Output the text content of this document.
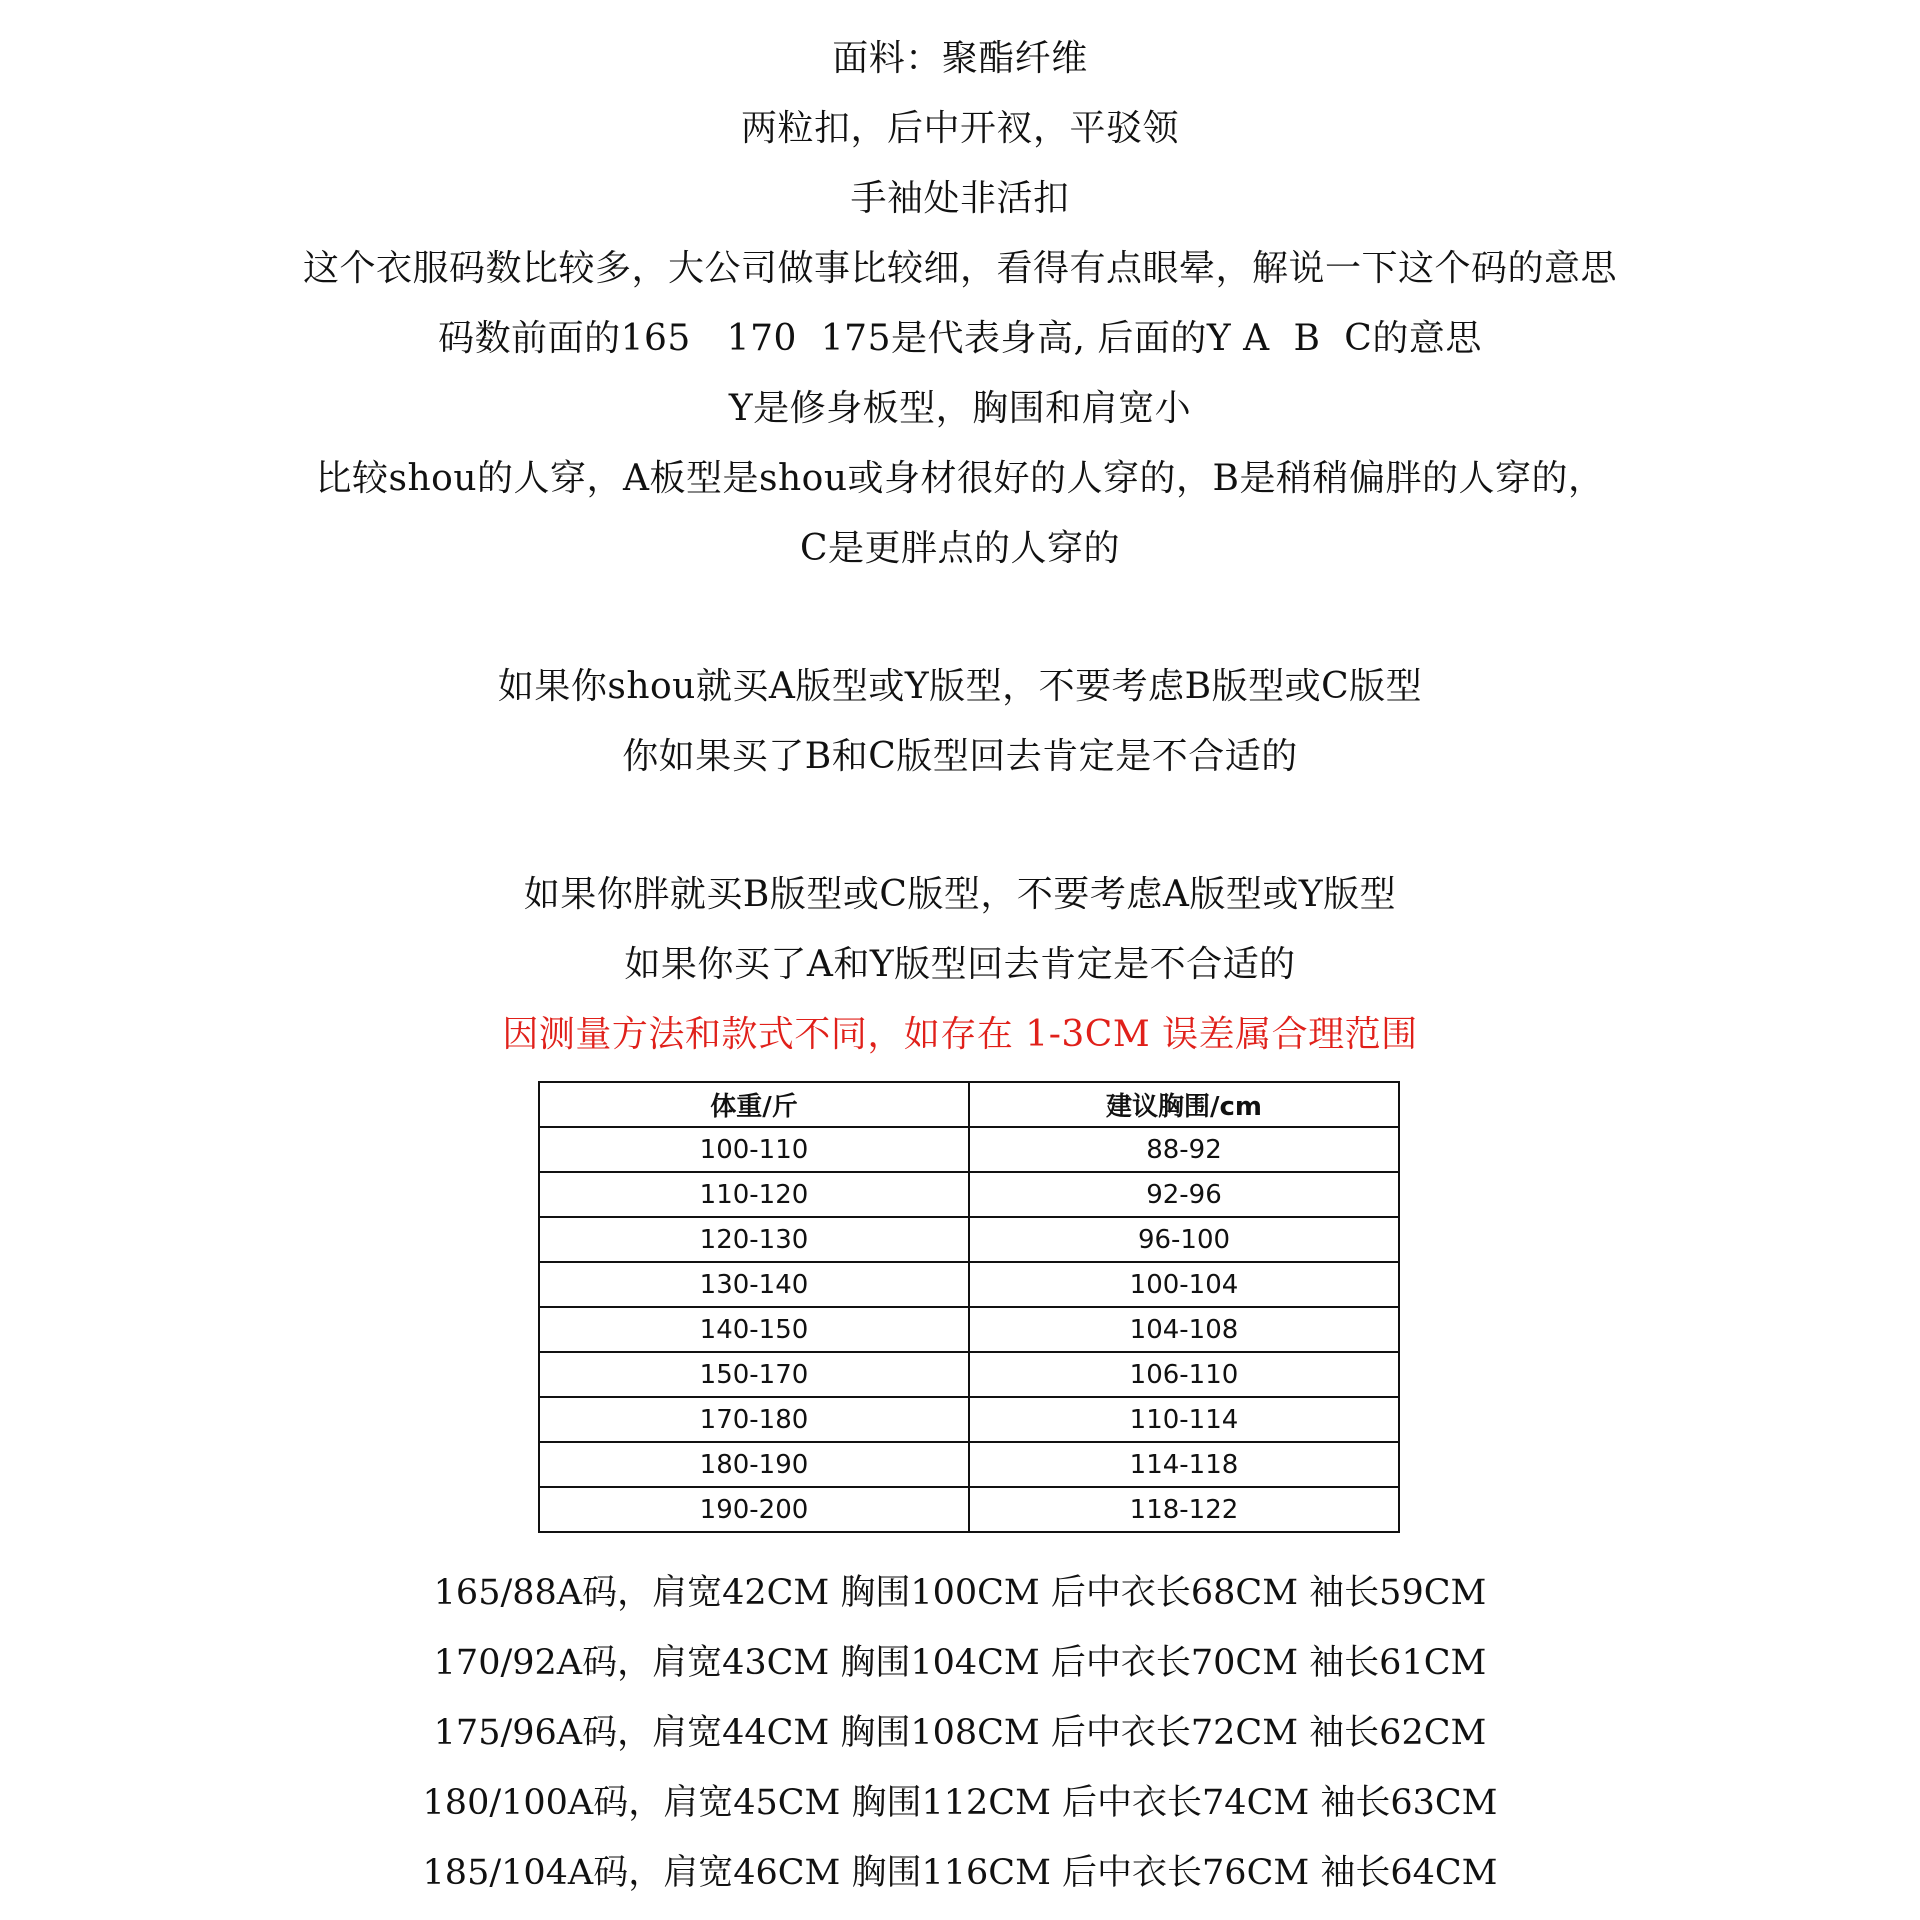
面料：聚酯纤维
两粒扣，后中开衩，平驳领
手袖处非活扣
这个衣服码数比较多，大公司做事比较细，看得有点眼晕，解说一下这个码的意思
码数前面的165   170  175是代表身高, 后面的Y A  B  C的意思
Y是修身板型，胸围和肩宽小
比较shou的人穿，A板型是shou或身材很好的人穿的，B是稍稍偏胖的人穿的，
C是更胖点的人穿的
如果你shou就买A版型或Y版型，不要考虑B版型或C版型
你如果买了B和C版型回去肯定是不合适的
如果你胖就买B版型或C版型，不要考虑A版型或Y版型
如果你买了A和Y版型回去肯定是不合适的
因测量方法和款式不同，如存在 1-3CM 误差属合理范围
体重/斤	建议胸围/cm
100-110	88-92
110-120	92-96
120-130	96-100
130-140	100-104
140-150	104-108
150-170	106-110
170-180	110-114
180-190	114-118
190-200	118-122
165/88A码，肩宽42CM 胸围100CM 后中衣长68CM 袖长59CM
170/92A码，肩宽43CM 胸围104CM 后中衣长70CM 袖长61CM
175/96A码，肩宽44CM 胸围108CM 后中衣长72CM 袖长62CM
180/100A码，肩宽45CM 胸围112CM 后中衣长74CM 袖长63CM
185/104A码，肩宽46CM 胸围116CM 后中衣长76CM 袖长64CM
